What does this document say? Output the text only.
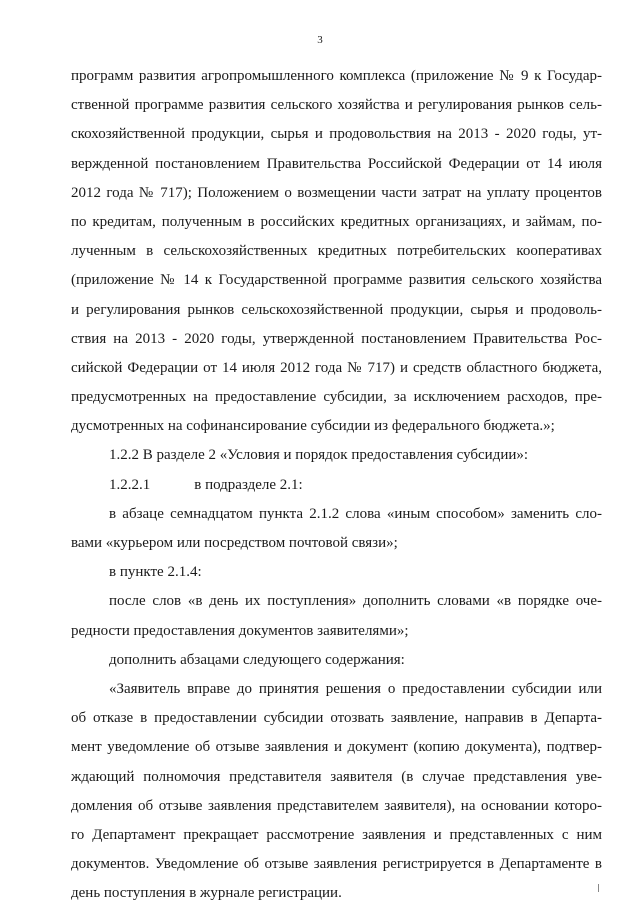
3
программ развития агропромышленного комплекса (приложение № 9 к Государ-
ственной программе развития сельского хозяйства и регулирования рынков сель-
скохозяйственной продукции, сырья и продовольствия на 2013 - 2020 годы, ут-
вержденной постановлением Правительства Российской Федерации от 14 июля
2012 года № 717); Положением о возмещении части затрат на уплату процентов
по кредитам, полученным в российских кредитных организациях, и займам, по-
лученным в сельскохозяйственных кредитных потребительских кооперативах
(приложение № 14 к Государственной программе развития сельского хозяйства
и регулирования рынков сельскохозяйственной продукции, сырья и продоволь-
ствия на 2013 - 2020 годы, утвержденной постановлением Правительства Рос-
сийской Федерации от 14 июля 2012 года № 717) и средств областного бюджета,
предусмотренных на предоставление субсидии, за исключением расходов, пре-
дусмотренных на софинансирование субсидии из федерального бюджета.»;
1.2.2 В разделе 2 «Условия и порядок предоставления субсидии»:
1.2.2.1	в подразделе 2.1:
в абзаце семнадцатом пункта 2.1.2 слова «иным способом» заменить сло-
вами «курьером или посредством почтовой связи»;
в пункте 2.1.4:
после слов «в день их поступления» дополнить словами «в порядке оче-
редности предоставления документов заявителями»;
дополнить абзацами следующего содержания:
«Заявитель вправе до принятия решения о предоставлении субсидии или
об отказе в предоставлении субсидии отозвать заявление, направив в Департа-
мент уведомление об отзыве заявления и документ (копию документа), подтвер-
ждающий полномочия представителя заявителя (в случае представления уве-
домления об отзыве заявления представителем заявителя), на основании которо-
го Департамент прекращает рассмотрение заявления и представленных с ним
документов. Уведомление об отзыве заявления регистрируется в Департаменте в
день поступления в журнале регистрации.
